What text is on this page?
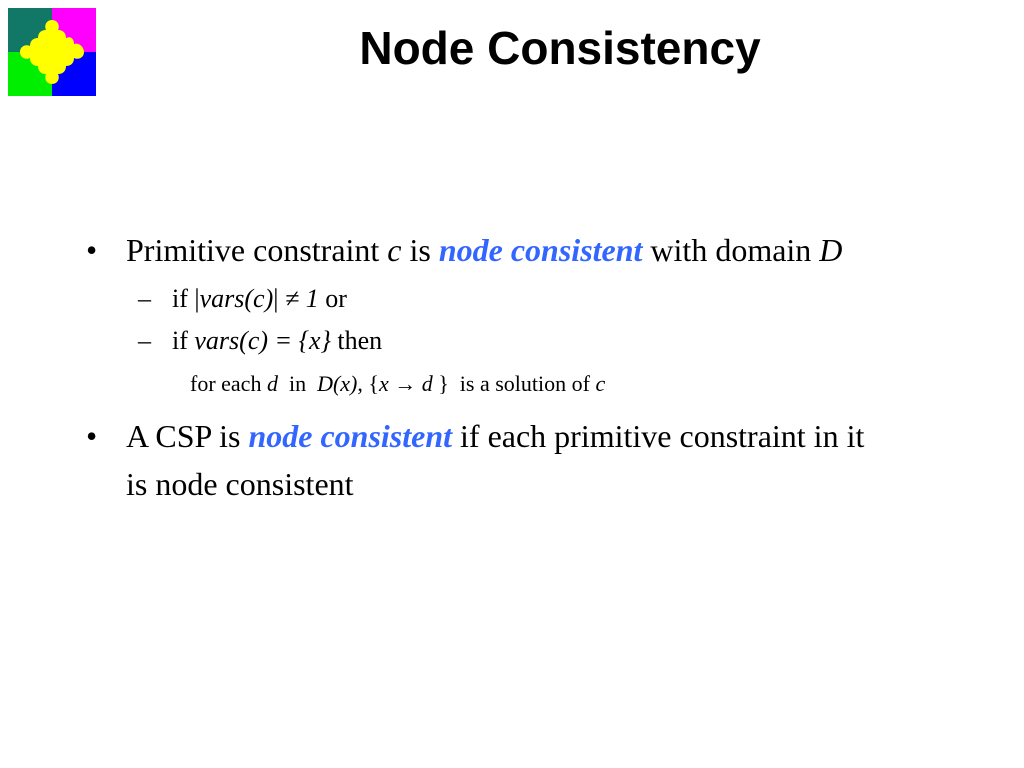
Node Consistency
• Primitive constraint c is node consistent with domain D
– if |vars(c)| ≠ 1 or
– if vars(c) = {x} then
for each d  in  D(x), {x → d }  is a solution of c
• A CSP is node consistent if each primitive constraint in it is node consistent
